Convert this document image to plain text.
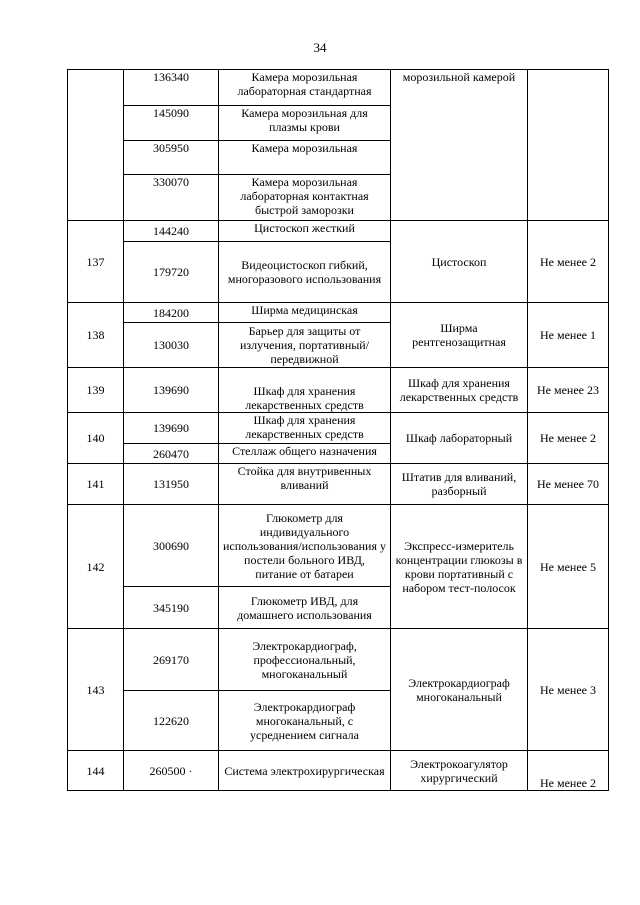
34
	136340	Камера морозильная лабораторная стандартная	морозильной камерой	
	145090	Камера морозильная для плазмы крови		
	305950	Камера морозильная		
	330070	Камера морозильная лабораторная контактная быстрой заморозки		
137	144240	Цистоскоп жесткий	Цистоскоп	Не менее 2
	179720	Видеоцистоскоп гибкий, многоразового использования		
138	184200	Ширма медицинская	Ширма рентгенозащитная	Не менее 1
	130030	Барьер для защиты от излучения, портативный/передвижной		
139	139690	Шкаф для хранения лекарственных средств	Шкаф для хранения лекарственных средств	Не менее 23
140	139690	Шкаф для хранения лекарственных средств	Шкаф лабораторный	Не менее 2
	260470	Стеллаж общего назначения		
141	131950	Стойка для внутривенных вливаний	Штатив для вливаний, разборный	Не менее 70
142	300690	Глюкометр для индивидуального использования/использования у постели больного ИВД, питание от батареи	Экспресс-измеритель концентрации глюкозы в крови портативный с набором тест-полосок	Не менее 5
	345190	Глюкометр ИВД, для домашнего использования		
143	269170	Электрокардиограф, профессиональный, многоканальный	Электрокардиограф многоканальный	Не менее 3
	122620	Электрокардиограф многоканальный, с усреднением сигнала		
144	260500 ·	Система электрохирургическая	Электрокоагулятор хирургический	Не менее 2
